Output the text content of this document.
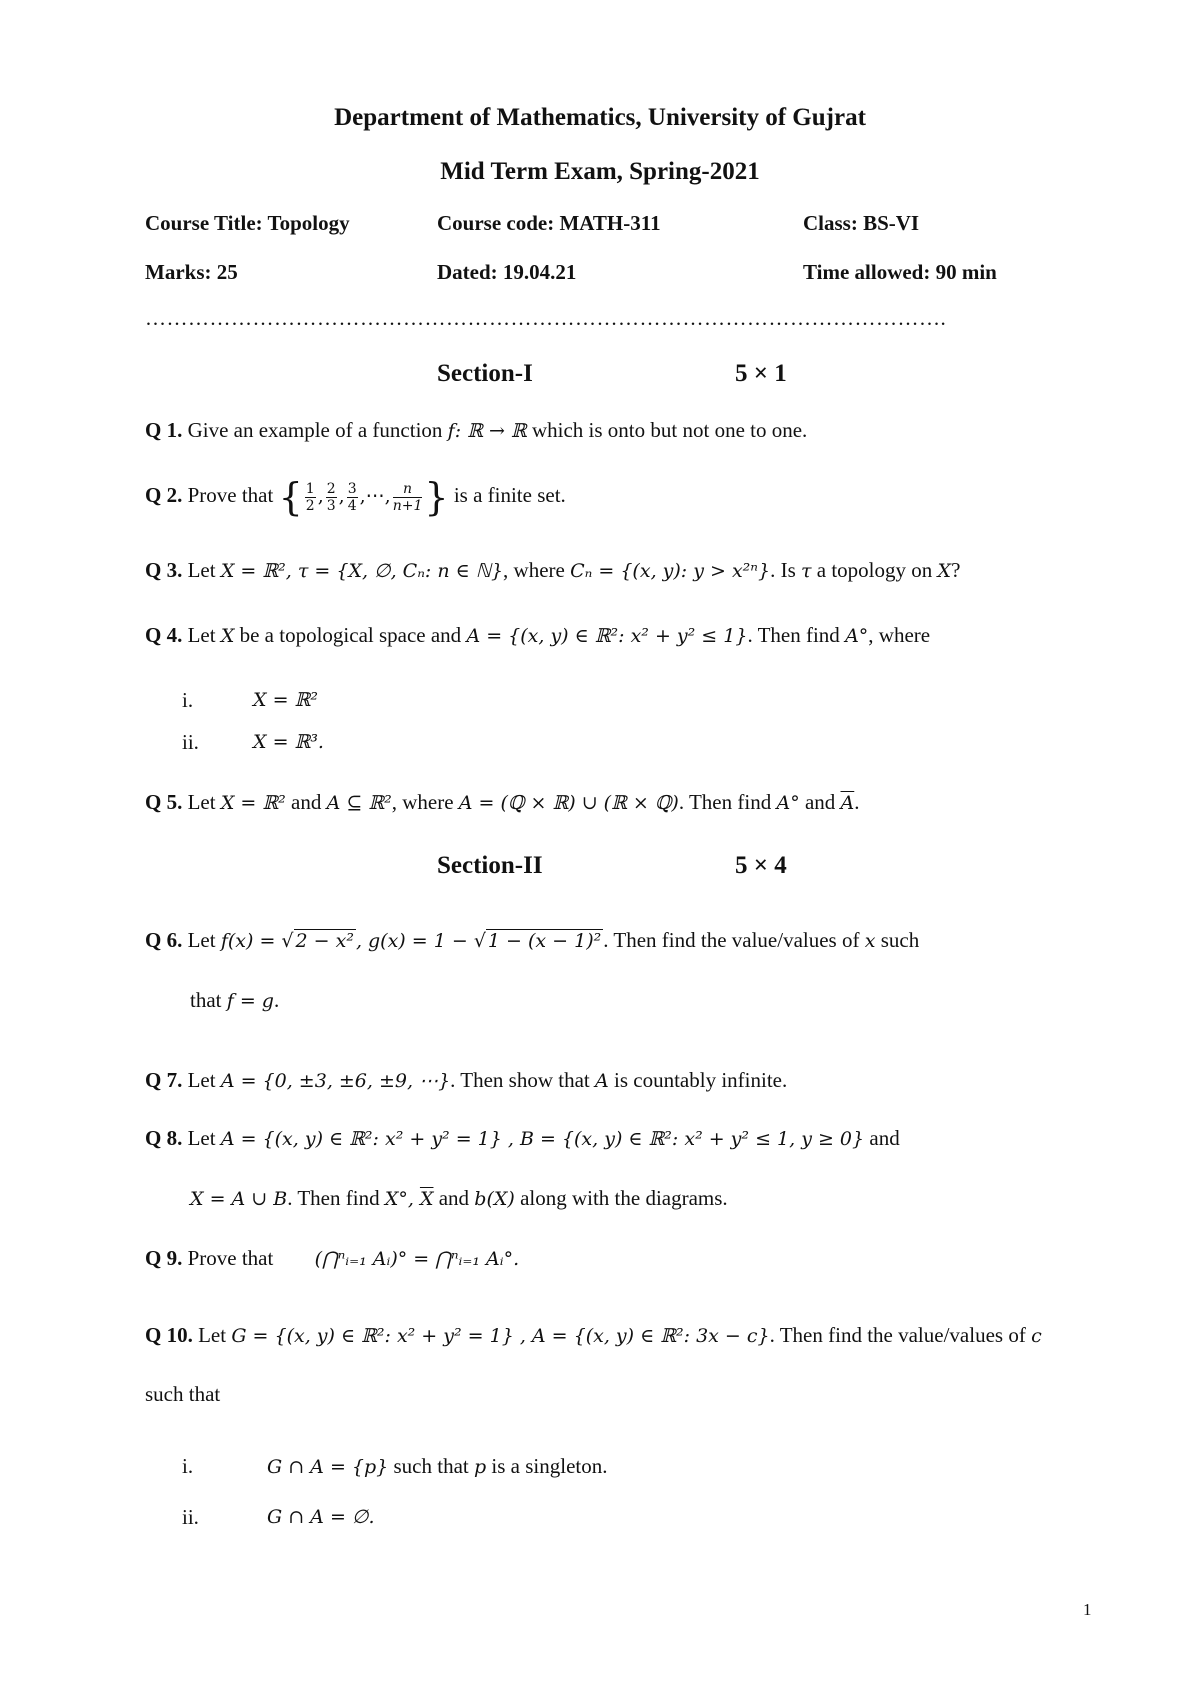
Department of Mathematics, University of Gujrat
Mid Term Exam, Spring-2021
Course Title: Topology	Course code: MATH-311	Class: BS-VI
Marks: 25	Dated: 19.04.21	Time allowed: 90 min
………………………………………………………………………………………………….
Section-I	5 × 1
Q 1. Give an example of a function f: ℝ → ℝ which is onto but not one to one.
Q 2. Prove that { $\frac{1}{2}$ , $\frac{2}{3}$ , $\frac{3}{4}$ ,⋯, $\frac{n}{n+1}$ } is a finite set.
Q 3. Let X = ℝ², τ = {X, ∅, Cₙ: n ∈ ℕ}, where Cₙ = {(x, y): y > x²ⁿ}. Is τ a topology on X?
Q 4. Let X be a topological space and A = {(x, y) ∈ ℝ²: x² + y² ≤ 1}. Then find A°, where
i.	X = ℝ²
ii.	X = ℝ³.
Q 5. Let X = ℝ² and A ⊆ ℝ², where A = (ℚ × ℝ) ∪ (ℝ × ℚ). Then find A° and $\overline{A}$.
Section-II	5 × 4
Q 6. Let f(x) = √ 2 − x² , g(x) = 1 − √ 1 − (x − 1)². Then find the value/values of x such
that f = g.
Q 7. Let A = {0, ±3, ±6, ±9, ⋯}. Then show that A is countably infinite.
Q 8. Let A = {(x, y) ∈ ℝ²: x² + y² = 1} , B = {(x, y) ∈ ℝ²: x² + y² ≤ 1, y ≥ 0} and
X = A ∪ B. Then find X°, $\overline{X}$ and b(X) along with the diagrams.
Q 9. Prove that (⋂ⁿᵢ₌₁ Aᵢ)° = ⋂ⁿᵢ₌₁ Aᵢ°.
Q 10. Let G = {(x, y) ∈ ℝ²: x² + y² = 1} , A = {(x, y) ∈ ℝ²: 3x − c}. Then find the value/values of c
such that
i.	G ∩ A = {p} such that p is a singleton.
ii.	G ∩ A = ∅.
1
